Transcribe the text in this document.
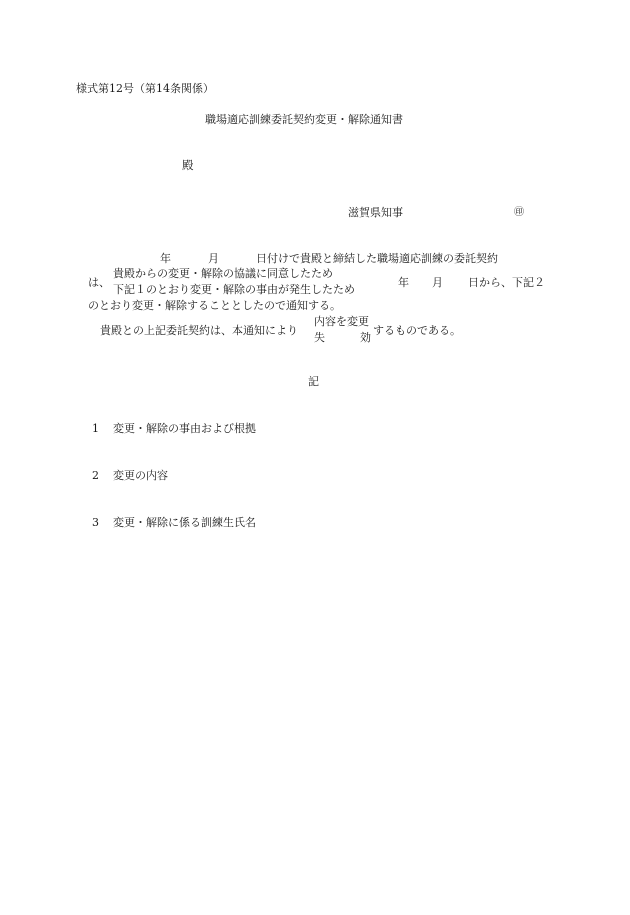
様式第12号（第14条関係）
職場適応訓練委託契約変更・解除通知書
殿
滋賀県知事	㊞
年	月	日付けで貴殿と締結した職場適応訓練の委託契約
は、
貴殿からの変更・解除の協議に同意したため
下記１のとおり変更・解除の事由が発生したため
年 月 日から、下記２
のとおり変更・解除することとしたので通知する。
貴殿との上記委託契約は、本通知により
内容を変更
失	効
するものである。
記
1 変更・解除の事由および根拠
2 変更の内容
3 変更・解除に係る訓練生氏名
